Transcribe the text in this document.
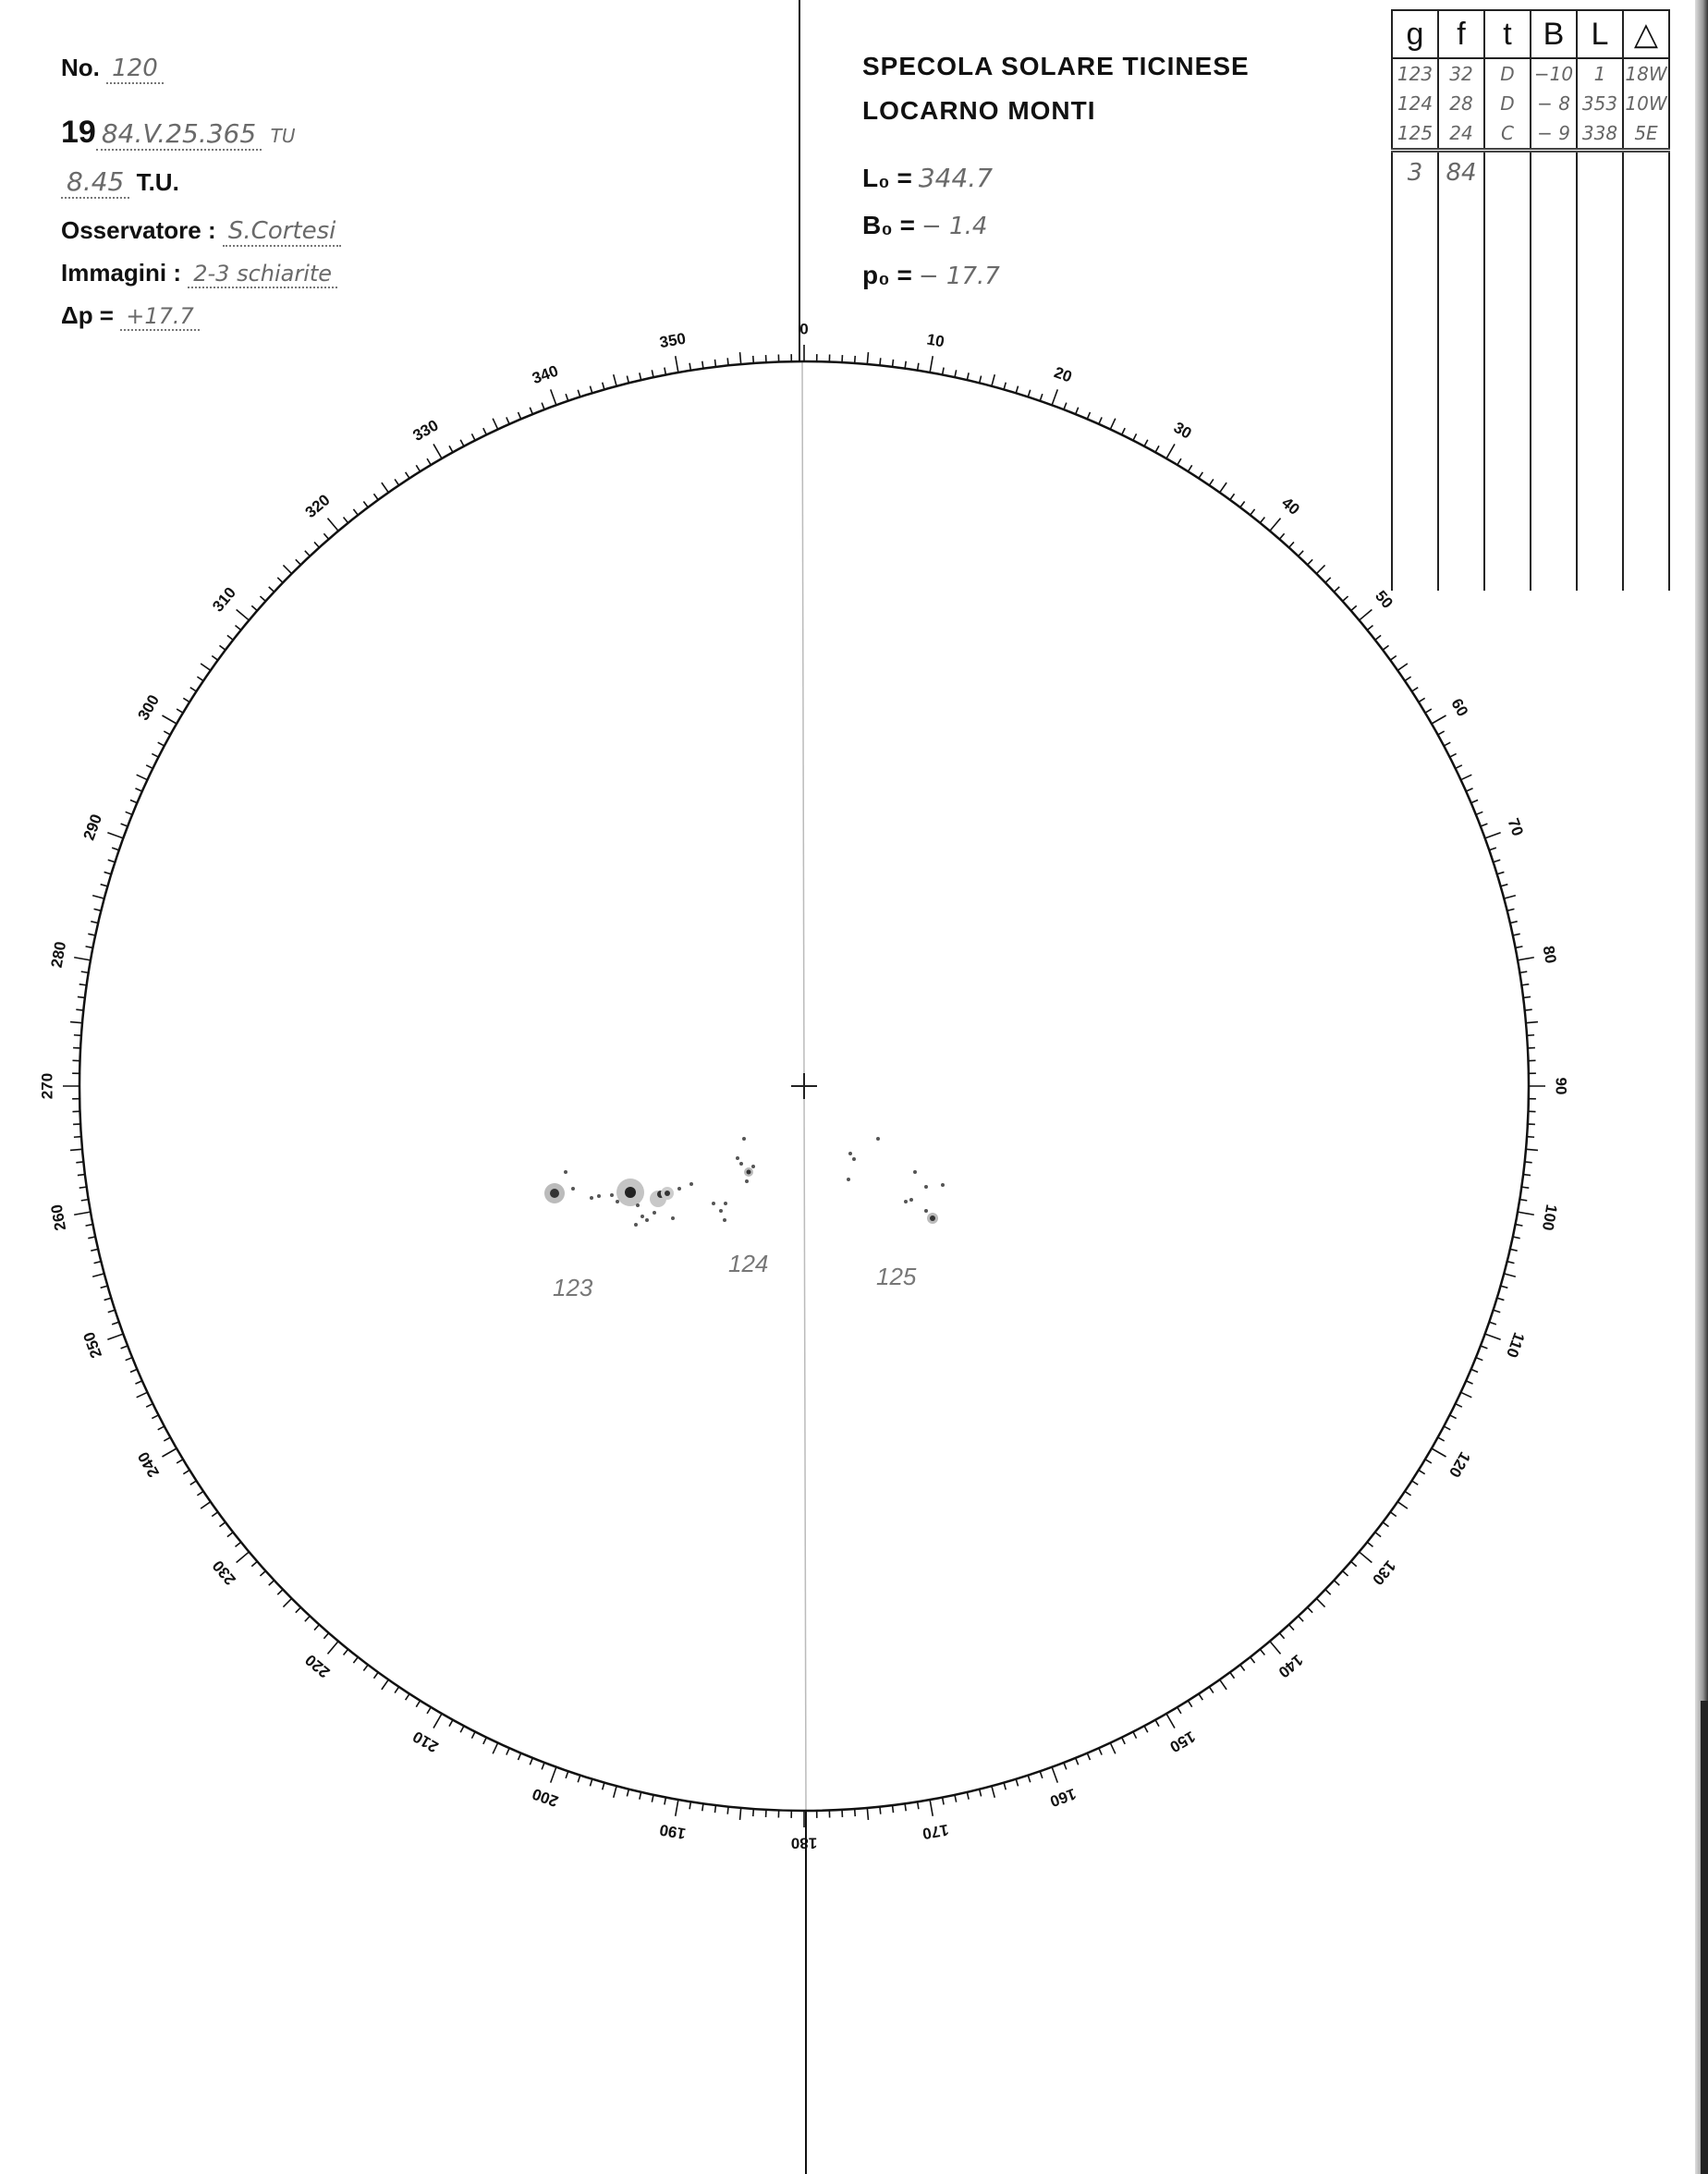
No. 120
19 84.V.25.365 TU
8.45 T.U.
Osservatore : S.Cortesi
Immagini : 2-3 schiarite
Δp = +17.7
SPECOLA SOLARE TICINESE
LOCARNO MONTI
L₀ = 344.7
B₀ = − 1.4
p₀ = − 17.7
g	f	t	B	L	△
123	32	D	−10	1	18W
124	28	D	− 8	353	10W
125	24	C	− 9	338	5E
3	84				

0
10
20
30
40
50
60
70
80
90
100
110
120
130
140
150
160
170
180
190
200
210
220
230
240
250
260
270
280
290
300
310
320
330
340
350
123
124	125
